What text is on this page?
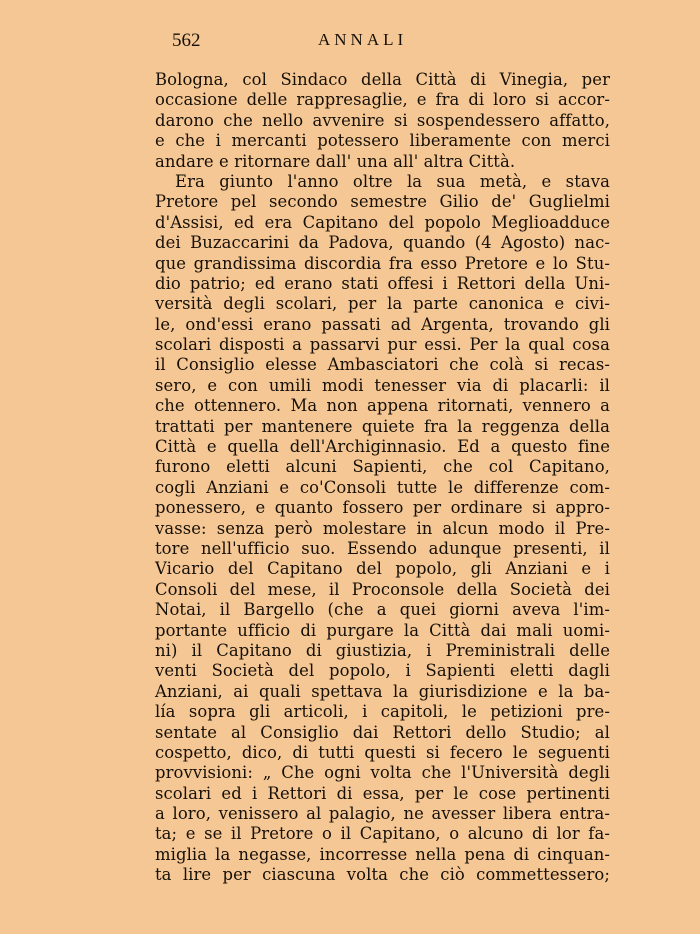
562	ANNALI
Bologna, col Sindaco della Città di Vinegia, per
occasione delle rappresaglie, e fra di loro si accor-
darono che nello avvenire si sospendessero affatto,
e che i mercanti potessero liberamente con merci
andare e ritornare dall' una all' altra Città.
Era giunto l'anno oltre la sua metà, e stava
Pretore pel secondo semestre Gilio de' Guglielmi
d'Assisi, ed era Capitano del popolo Meglioadduce
dei Buzaccarini da Padova, quando (4 Agosto) nac-
que grandissima discordia fra esso Pretore e lo Stu-
dio patrio; ed erano stati offesi i Rettori della Uni-
versità degli scolari, per la parte canonica e civi-
le, ond'essi erano passati ad Argenta, trovando gli
scolari disposti a passarvi pur essi. Per la qual cosa
il Consiglio elesse Ambasciatori che colà si recas-
sero, e con umili modi tenesser via di placarli: il
che ottennero. Ma non appena ritornati, vennero a
trattati per mantenere quiete fra la reggenza della
Città e quella dell'Archiginnasio. Ed a questo fine
furono eletti alcuni Sapienti, che col Capitano,
cogli Anziani e co'Consoli tutte le differenze com-
ponessero, e quanto fossero per ordinare si appro-
vasse: senza però molestare in alcun modo il Pre-
tore nell'ufficio suo. Essendo adunque presenti, il
Vicario del Capitano del popolo, gli Anziani e i
Consoli del mese, il Proconsole della Società dei
Notai, il Bargello (che a quei giorni aveva l'im-
portante ufficio di purgare la Città dai mali uomi-
ni) il Capitano di giustizia, i Preministrali delle
venti Società del popolo, i Sapienti eletti dagli
Anziani, ai quali spettava la giurisdizione e la ba-
lía sopra gli articoli, i capitoli, le petizioni pre-
sentate al Consiglio dai Rettori dello Studio; al
cospetto, dico, di tutti questi si fecero le seguenti
provvisioni: „ Che ogni volta che l'Università degli
scolari ed i Rettori di essa, per le cose pertinenti
a loro, venissero al palagio, ne avesser libera entra-
ta; e se il Pretore o il Capitano, o alcuno di lor fa-
miglia la negasse, incorresse nella pena di cinquan-
ta lire per ciascuna volta che ciò commettessero;
